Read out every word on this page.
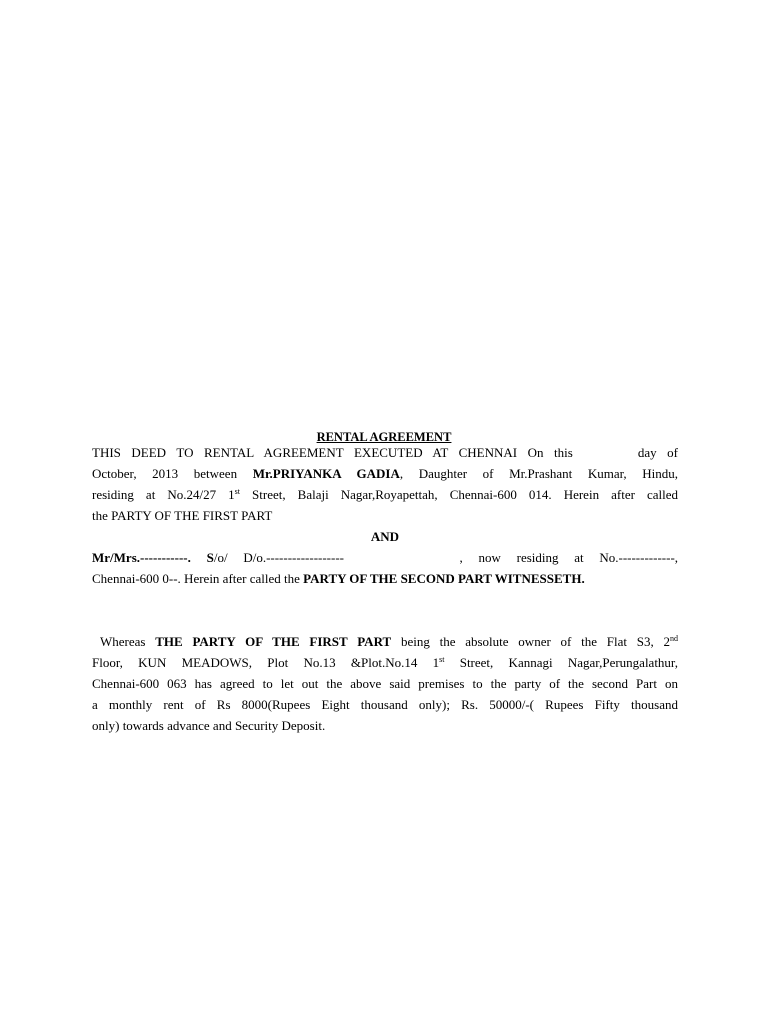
RENTAL AGREEMENT
THIS DEED TO RENTAL AGREEMENT EXECUTED AT CHENNAI On this	day of
October, 2013 between Mr.PRIYANKA GADIA, Daughter of Mr.Prashant Kumar, Hindu,
residing at No.24/27 1st Street, Balaji Nagar,Royapettah, Chennai-600 014. Herein after called
the PARTY OF THE FIRST PART
AND
Mr/Mrs.-----------. S/o/ D/o.------------------	, now residing at No.-------------,
Chennai-600 0--. Herein after called the PARTY OF THE SECOND PART WITNESSETH.
Whereas THE PARTY OF THE FIRST PART being the absolute owner of the Flat S3, 2nd
Floor, KUN MEADOWS, Plot No.13 &Plot.No.14 1st Street, Kannagi Nagar,Perungalathur,
Chennai-600 063 has agreed to let out the above said premises to the party of the second Part on
a monthly rent of Rs 8000(Rupees Eight thousand only); Rs. 50000/-( Rupees Fifty thousand
only) towards advance and Security Deposit.
